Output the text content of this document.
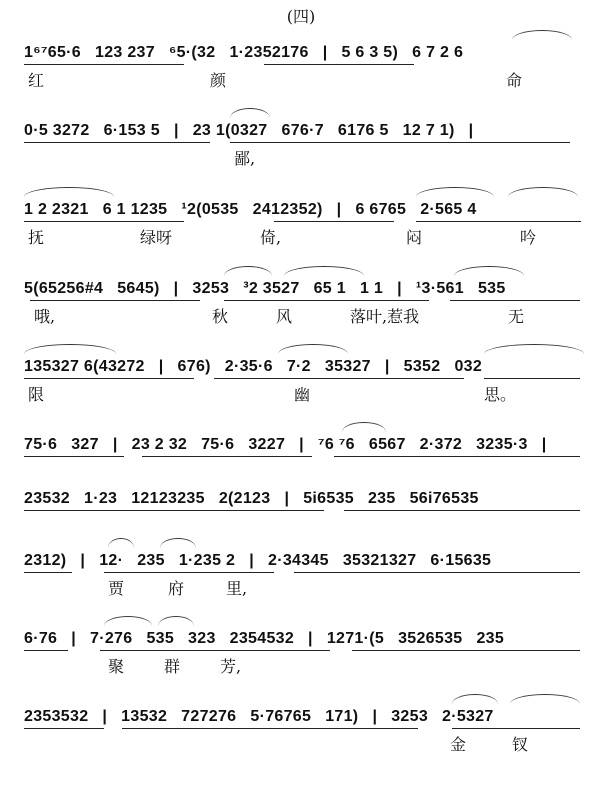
(四)
1⁶⁷65·6 123 237 ⁶5·(32 1·2352176 | 5 6 3 5) 6 7 2 6
红	颜	命
0·5 3272 6·153 5 | 23 1(0327 676·7 6176 5 12 7 1) |
鄙,
1 2 2321 6 1 1235 ¹2(0535 2412352) | 6 6765 2·565 4
抚	绿呀	倚,	闷	吟
5(65256#4 5645) | 3253 ³2 3527 65 1 1 1 | ¹3·561 535
哦,	秋	风	落叶,惹我	无
135327 6(43272 | 676) 2·35·6 7·2 35327 | 5352 032
限	幽	思。
75·6 327 | 23 2 32 75·6 3227 | ⁷6 ⁷6 6567 2·372 3235·3 |
23532 1·23 12123235 2(2123 | 5i6535 235 56i76535
2312) | 12· 235 1·235 2 | 2·34345 35321327 6·15635
贾	府	里,
6·76 | 7·276 535 323 2354532 | 1271·(5 3526535 235
聚 群 芳,
2353532 | 13532 727276 5·76765 171) | 3253 2·5327
金	钗
